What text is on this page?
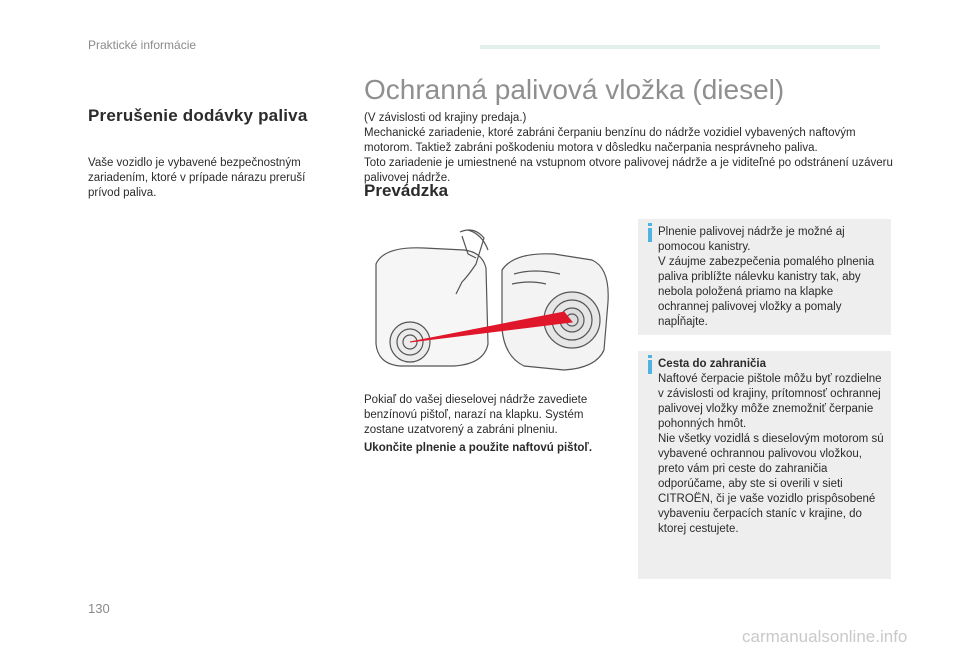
Praktické informácie
Prerušenie dodávky paliva
Vaše vozidlo je vybavené bezpečnostným zariadením, ktoré v prípade nárazu preruší prívod paliva.
Ochranná palivová vložka (diesel)

(V závislosti od krajiny predaja.)

Mechanické zariadenie, ktoré zabráni čerpaniu benzínu do nádrže vozidiel vybavených naftovým motorom. Taktiež zabráni poškodeniu motora v dôsledku načerpania nesprávneho paliva.

Toto zariadenie je umiestnené na vstupnom otvore palivovej nádrže a je viditeľné po odstránení uzáveru palivovej nádrže.

Prevádzka

Pokiaľ do vašej dieselovej nádrže zavediete benzínovú pištoľ, narazí na klapku. Systém zostane uzatvorený a zabráni plneniu.

Ukončite plnenie a použite naftovú pištoľ.

Plnenie palivovej nádrže je možné aj pomocou kanistry.
V záujme zabezpečenia pomalého plnenia paliva priblížte nálevku kanistry tak, aby nebola položená priamo na klapke ochrannej palivovej vložky a pomaly napĺňajte.

Cesta do zahraničia

Naftové čerpacie pištole môžu byť rozdielne v závislosti od krajiny, prítomnosť ochrannej palivovej vložky môže znemožniť čerpanie pohonných hmôt.
Nie všetky vozidlá s dieselovým motorom sú vybavené ochrannou palivovou vložkou, preto vám pri ceste do zahraničia odporúčame, aby ste si overili v sieti CITROËN, či je vaše vozidlo prispôsobené vybaveniu čerpacích staníc v krajine, do ktorej cestujete.

130
carmanualsonline.info
